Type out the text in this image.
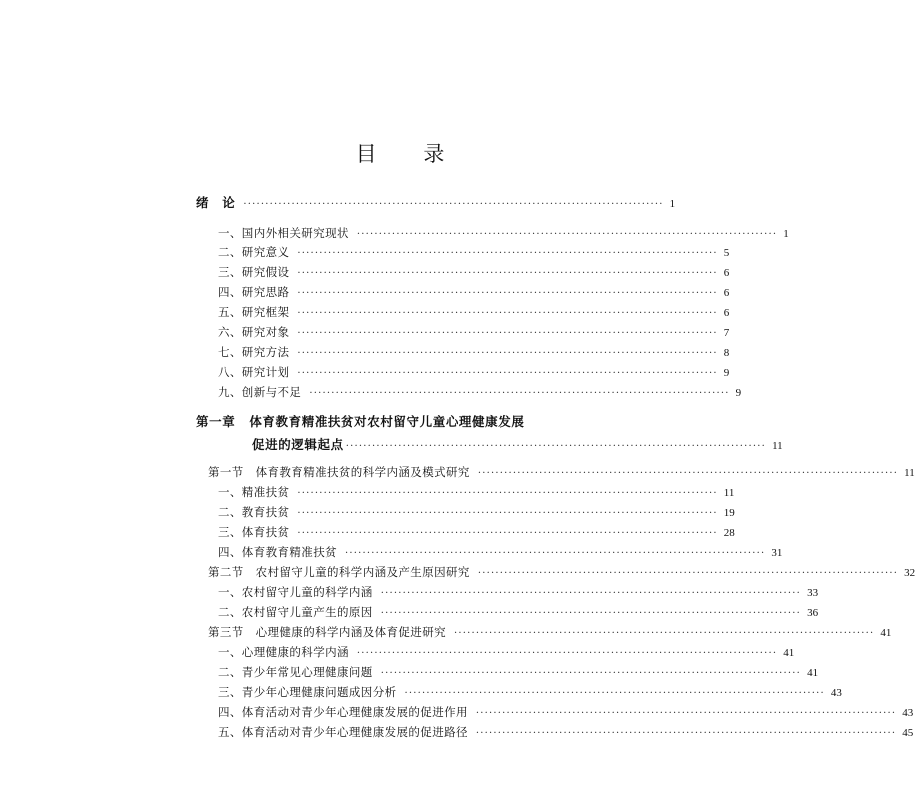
目 录
绪　论 ································································································ 1
一、国内外相关研究现状 ································································································ 1
二、研究意义 ································································································ 5
三、研究假设 ································································································ 6
四、研究思路 ································································································ 6
五、研究框架 ································································································ 6
六、研究对象 ································································································ 7
七、研究方法 ································································································ 8
八、研究计划 ································································································ 9
九、创新与不足 ································································································ 9
第一章 体育教育精准扶贫对农村留守儿童心理健康发展
促进的逻辑起点 ································································································ 11
第一节　体育教育精准扶贫的科学内涵及模式研究 ································································································ 11
一、精准扶贫 ································································································ 11
二、教育扶贫 ································································································ 19
三、体育扶贫 ································································································ 28
四、体育教育精准扶贫 ································································································ 31
第二节　农村留守儿童的科学内涵及产生原因研究 ································································································ 32
一、农村留守儿童的科学内涵 ································································································ 33
二、农村留守儿童产生的原因 ································································································ 36
第三节　心理健康的科学内涵及体育促进研究 ································································································ 41
一、心理健康的科学内涵 ································································································ 41
二、青少年常见心理健康问题 ································································································ 41
三、青少年心理健康问题成因分析 ································································································ 43
四、体育活动对青少年心理健康发展的促进作用 ································································································ 43
五、体育活动对青少年心理健康发展的促进路径 ································································································ 45
